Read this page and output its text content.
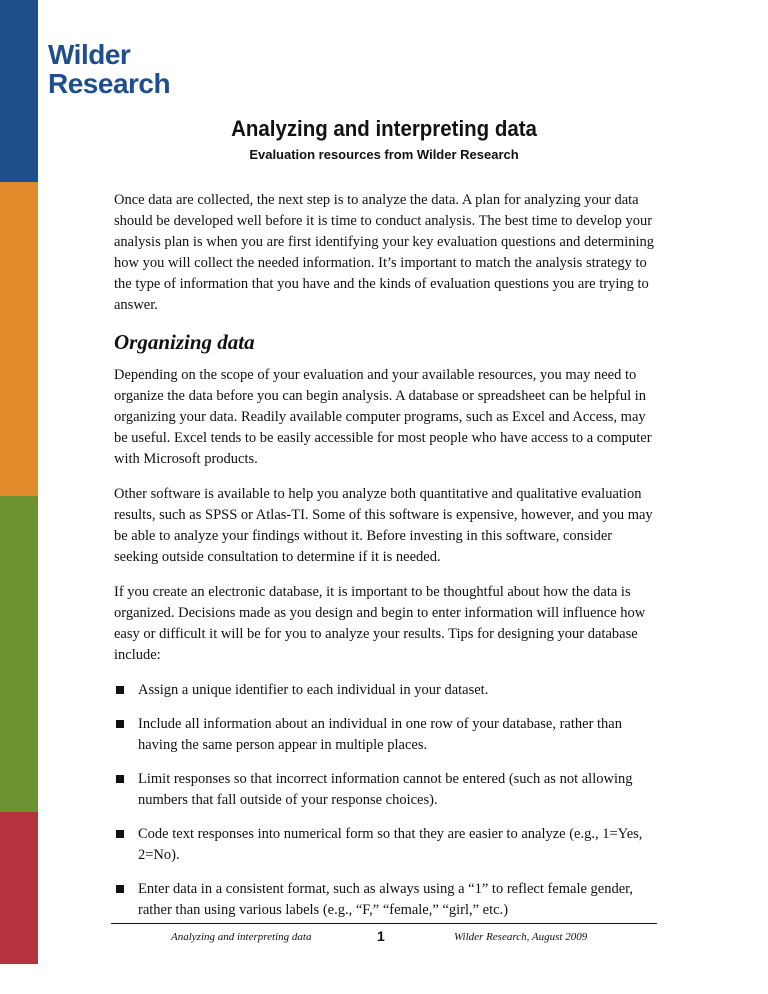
Wilder
Research
Analyzing and interpreting data
Evaluation resources from Wilder Research

Once data are collected, the next step is to analyze the data. A plan for analyzing your data should be developed well before it is time to conduct analysis. The best time to develop your analysis plan is when you are first identifying your key evaluation questions and determining how you will collect the needed information. It’s important to match the analysis strategy to the type of information that you have and the kinds of evaluation questions you are trying to answer.

Organizing data

Depending on the scope of your evaluation and your available resources, you may need to organize the data before you can begin analysis. A database or spreadsheet can be helpful in organizing your data. Readily available computer programs, such as Excel and Access, may be useful. Excel tends to be easily accessible for most people who have access to a computer with Microsoft products.

Other software is available to help you analyze both quantitative and qualitative evaluation results, such as SPSS or Atlas-TI. Some of this software is expensive, however, and you may be able to analyze your findings without it. Before investing in this software, consider seeking outside consultation to determine if it is needed.

If you create an electronic database, it is important to be thoughtful about how the data is organized. Decisions made as you design and begin to enter information will influence how easy or difficult it will be for you to analyze your results. Tips for designing your database include:

Assign a unique identifier to each individual in your dataset.
Include all information about an individual in one row of your database, rather than having the same person appear in multiple places.
Limit responses so that incorrect information cannot be entered (such as not allowing numbers that fall outside of your response choices).
Code text responses into numerical form so that they are easier to analyze (e.g., 1=Yes, 2=No).
Enter data in a consistent format, such as always using a “1” to reflect female gender, rather than using various labels (e.g., “F,” “female,” “girl,” etc.)
Analyzing and interpreting data	1	Wilder Research, August 2009
